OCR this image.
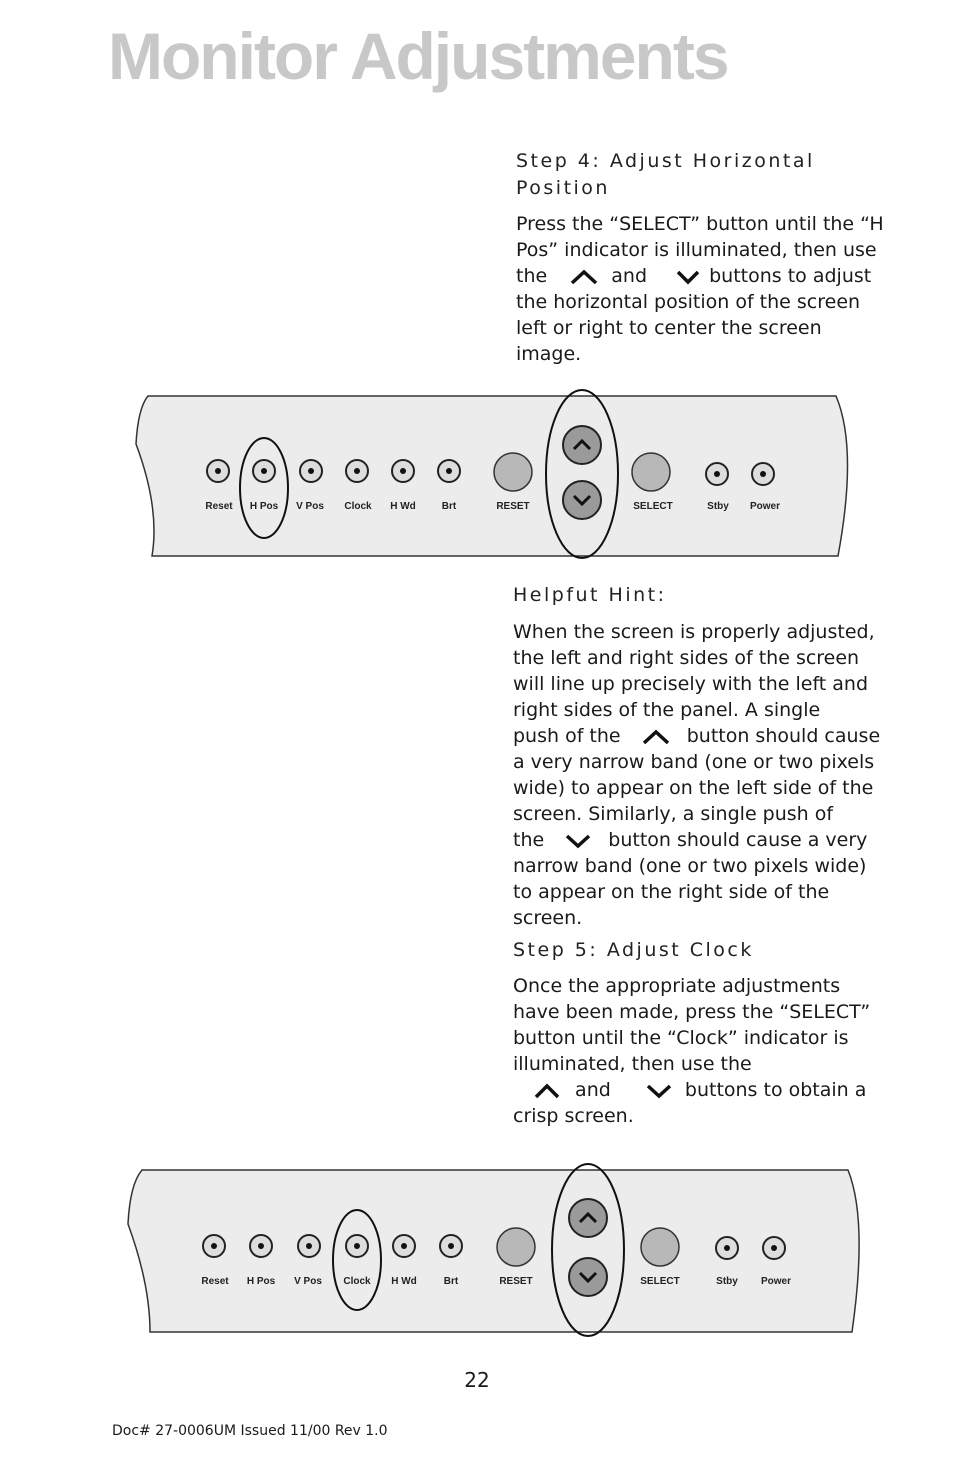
Monitor Adjustments
Step 4: Adjust Horizontal
Position
Press the “SELECT” button until the “H
Pos” indicator is illuminated, then use
the	and	buttons to adjust
the horizontal position of the screen
left or right to center the screen
image.
Reset H Pos V Pos Clock H Wd	Brt	RESET	SELECT	Stby Power
Helpfut Hint:
When the screen is properly adjusted,
the left and right sides of the screen
will line up precisely with the left and
right sides of the panel. A single
push of the	button should cause
a very narrow band (one or two pixels
wide) to appear on the left side of the
screen. Similarly, a single push of
the	button should cause a very
narrow band (one or two pixels wide)
to appear on the right side of the
screen.
Step 5: Adjust Clock
Once the appropriate adjustments
have been made, press the “SELECT”
button until the “Clock” indicator is
illuminated, then use the
and	buttons to obtain a
crisp screen.
Reset H Pos V Pos Clock H Wd	Brt	RESET	SELECT	Stby Power
22
Doc# 27-0006UM Issued 11/00 Rev 1.0
